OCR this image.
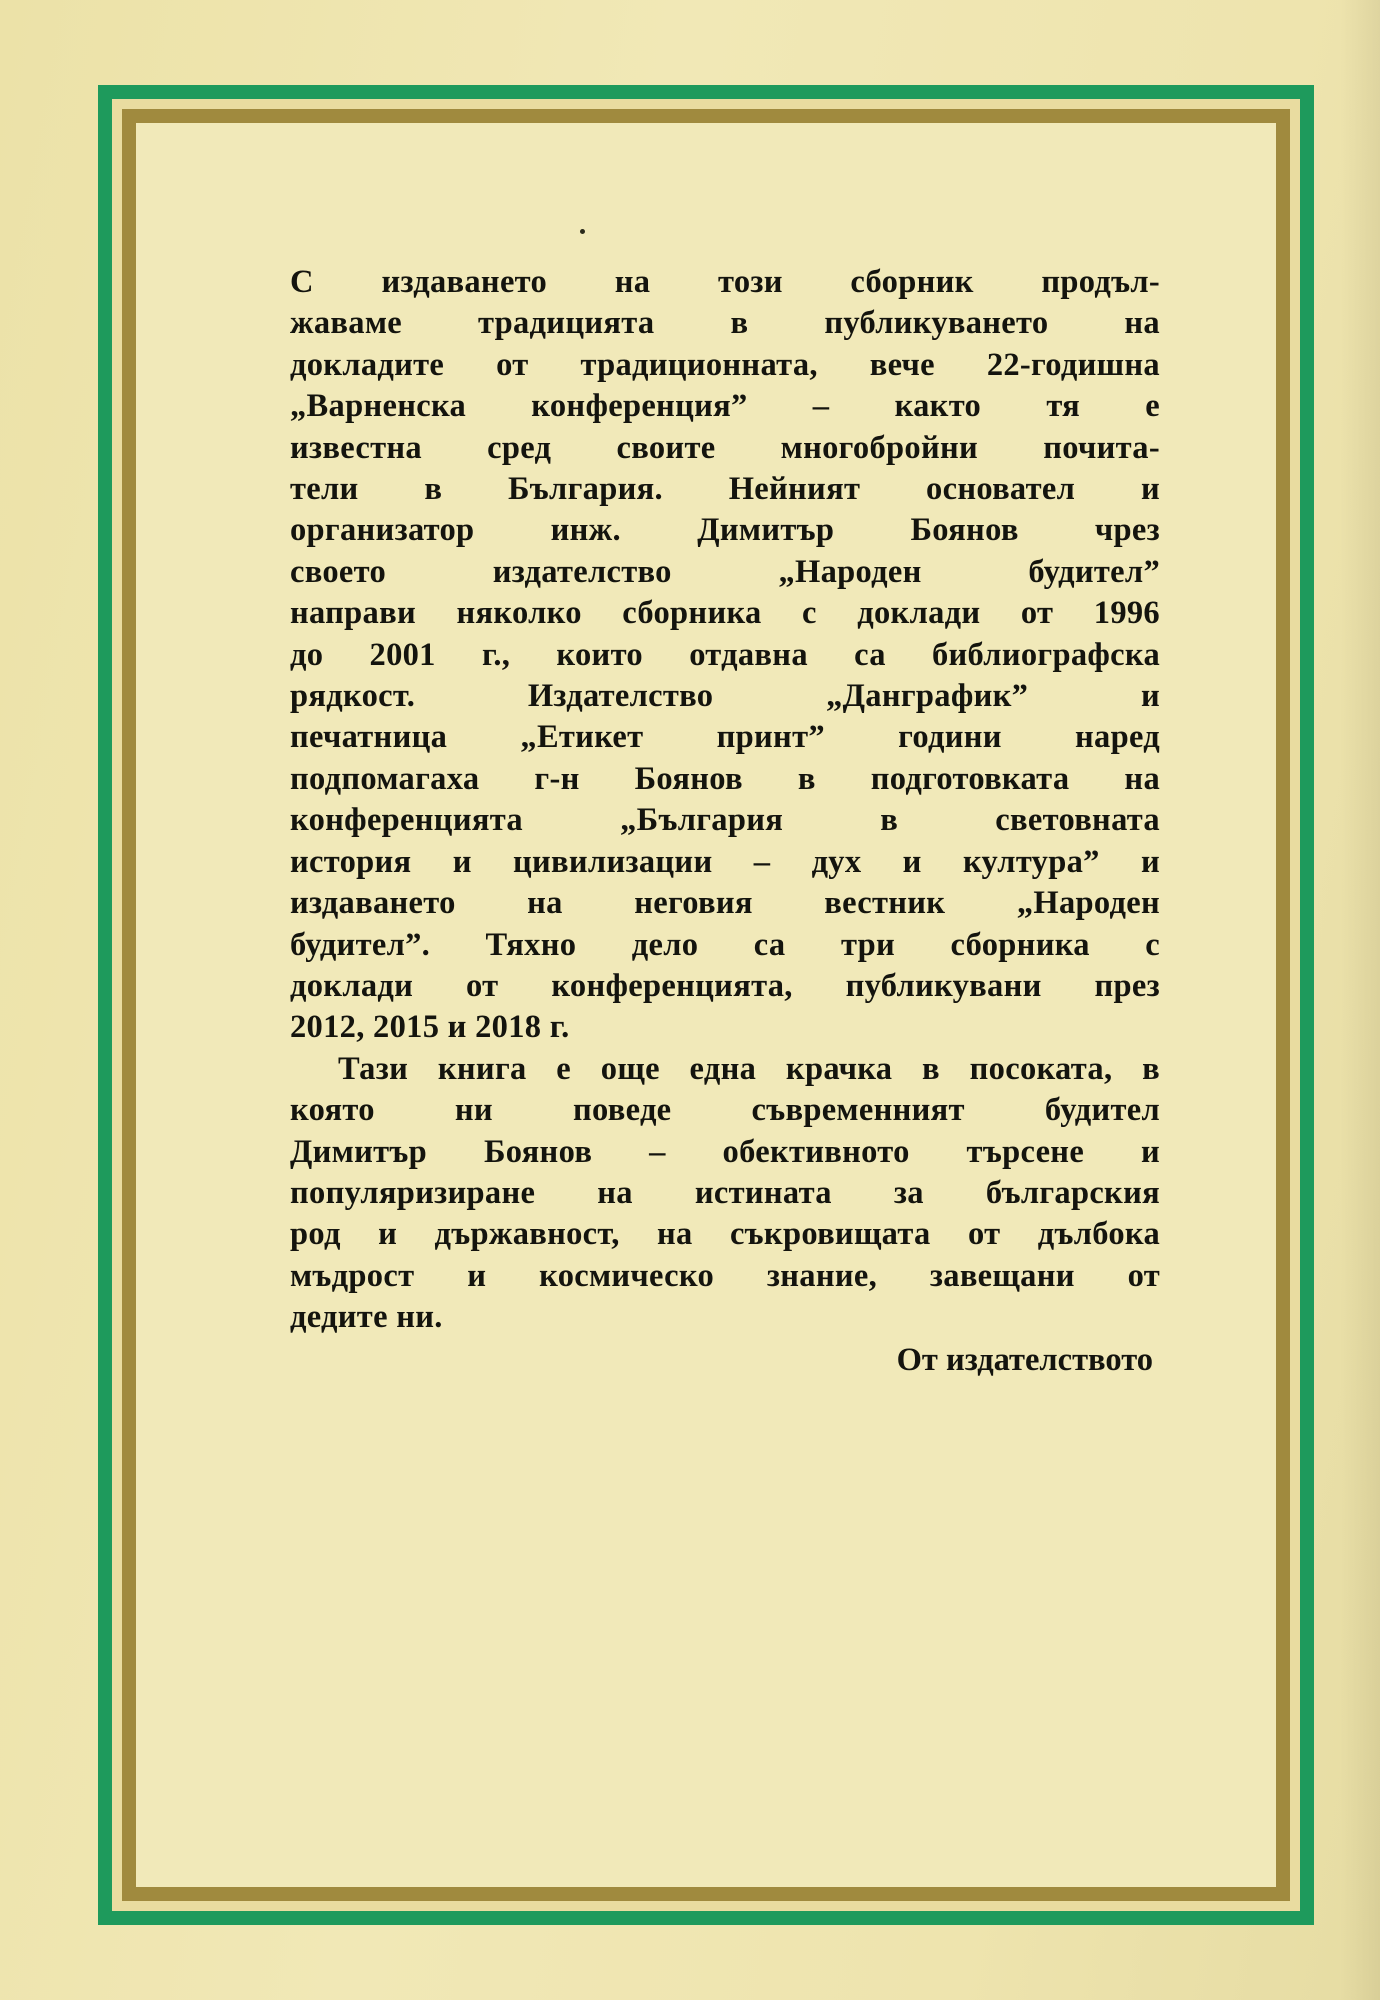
С издаването на този сборник продъл-
жаваме традицията в публикуването на
докладите от традиционната, вече 22-годишна
„Варненска конференция” – както тя е
известна сред своите многобройни почита-
тели в България. Нейният основател и
организатор инж. Димитър Боянов чрез
своето издателство „Народен будител”
направи няколко сборника с доклади от 1996
до 2001 г., които отдавна са библиографска
рядкост. Издателство „Данграфик” и
печатница „Етикет принт” години наред
подпомагаха г-н Боянов в подготовката на
конференцията „България в световната
история и цивилизации – дух и култура” и
издаването на неговия вестник „Народен
будител”. Тяхно дело са три сборника с
доклади от конференцията, публикувани през
2012, 2015 и 2018 г.

Тази книга е още една крачка в посоката, в
която ни поведе съвременният будител
Димитър Боянов – обективното търсене и
популяризиране на истината за българския
род и държавност, на съкровищата от дълбока
мъдрост и космическо знание, завещани от
дедите ни.

От издателството
